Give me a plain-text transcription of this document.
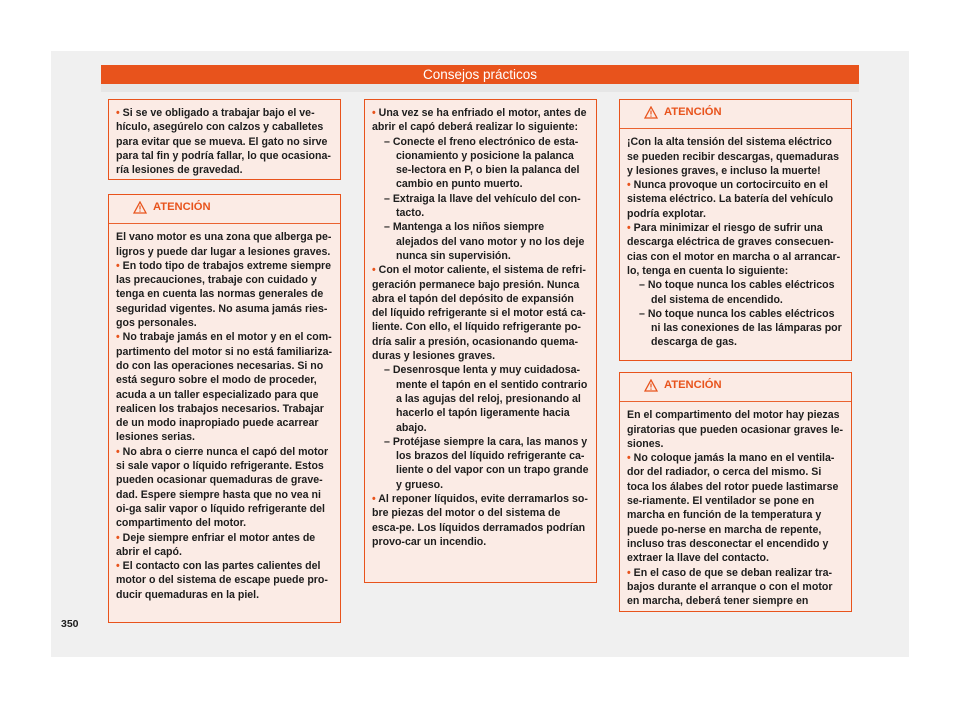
Consejos prácticos

• Si se ve obligado a trabajar bajo el ve-hículo, asegúrelo con calzos y caballetes para evitar que se mueva. El gato no sirve para tal fin y podría fallar, lo que ocasiona-ría lesiones de gravedad.

ATENCIÓN

El vano motor es una zona que alberga pe-ligros y puede dar lugar a lesiones graves.

• En todo tipo de trabajos extreme siempre las precauciones, trabaje con cuidado y tenga en cuenta las normas generales de seguridad vigentes. No asuma jamás ries-gos personales.

• No trabaje jamás en el motor y en el com-partimento del motor si no está familiariza-do con las operaciones necesarias. Si no está seguro sobre el modo de proceder, acuda a un taller especializado para que realicen los trabajos necesarios. Trabajar de un modo inapropiado puede acarrear lesiones serias.

• No abra o cierre nunca el capó del motor si sale vapor o líquido refrigerante. Estos pueden ocasionar quemaduras de grave-dad. Espere siempre hasta que no vea ni oi-ga salir vapor o líquido refrigerante del compartimento del motor.

• Deje siempre enfriar el motor antes de abrir el capó.

• El contacto con las partes calientes del motor o del sistema de escape puede pro-ducir quemaduras en la piel.

• Una vez se ha enfriado el motor, antes de abrir el capó deberá realizar lo siguiente:

– Conecte el freno electrónico de esta-cionamiento y posicione la palanca se-lectora en P, o bien la palanca del cambio en punto muerto.

– Extraiga la llave del vehículo del con-tacto.

– Mantenga a los niños siempre alejados del vano motor y no los deje nunca sin supervisión.

• Con el motor caliente, el sistema de refri-geración permanece bajo presión. Nunca abra el tapón del depósito de expansión del líquido refrigerante si el motor está ca-liente. Con ello, el líquido refrigerante po-dría salir a presión, ocasionando quema-duras y lesiones graves.

– Desenrosque lenta y muy cuidadosa-mente el tapón en el sentido contrario a las agujas del reloj, presionando al hacerlo el tapón ligeramente hacia abajo.

– Protéjase siempre la cara, las manos y los brazos del líquido refrigerante ca-liente o del vapor con un trapo grande y grueso.

• Al reponer líquidos, evite derramarlos so-bre piezas del motor o del sistema de esca-pe. Los líquidos derramados podrían provo-car un incendio.

ATENCIÓN

¡Con la alta tensión del sistema eléctrico se pueden recibir descargas, quemaduras y lesiones graves, e incluso la muerte!

• Nunca provoque un cortocircuito en el sistema eléctrico. La batería del vehículo podría explotar.

• Para minimizar el riesgo de sufrir una descarga eléctrica de graves consecuen-cias con el motor en marcha o al arrancar-lo, tenga en cuenta lo siguiente:

– No toque nunca los cables eléctricos del sistema de encendido.

– No toque nunca los cables eléctricos ni las conexiones de las lámparas por descarga de gas.

ATENCIÓN

En el compartimento del motor hay piezas giratorias que pueden ocasionar graves le-siones.

• No coloque jamás la mano en el ventila-dor del radiador, o cerca del mismo. Si toca los álabes del rotor puede lastimarse se-riamente. El ventilador se pone en marcha en función de la temperatura y puede po-nerse en marcha de repente, incluso tras desconectar el encendido y extraer la llave del contacto.

• En el caso de que se deban realizar tra-bajos durante el arranque o con el motor en marcha, deberá tener siempre en

350
